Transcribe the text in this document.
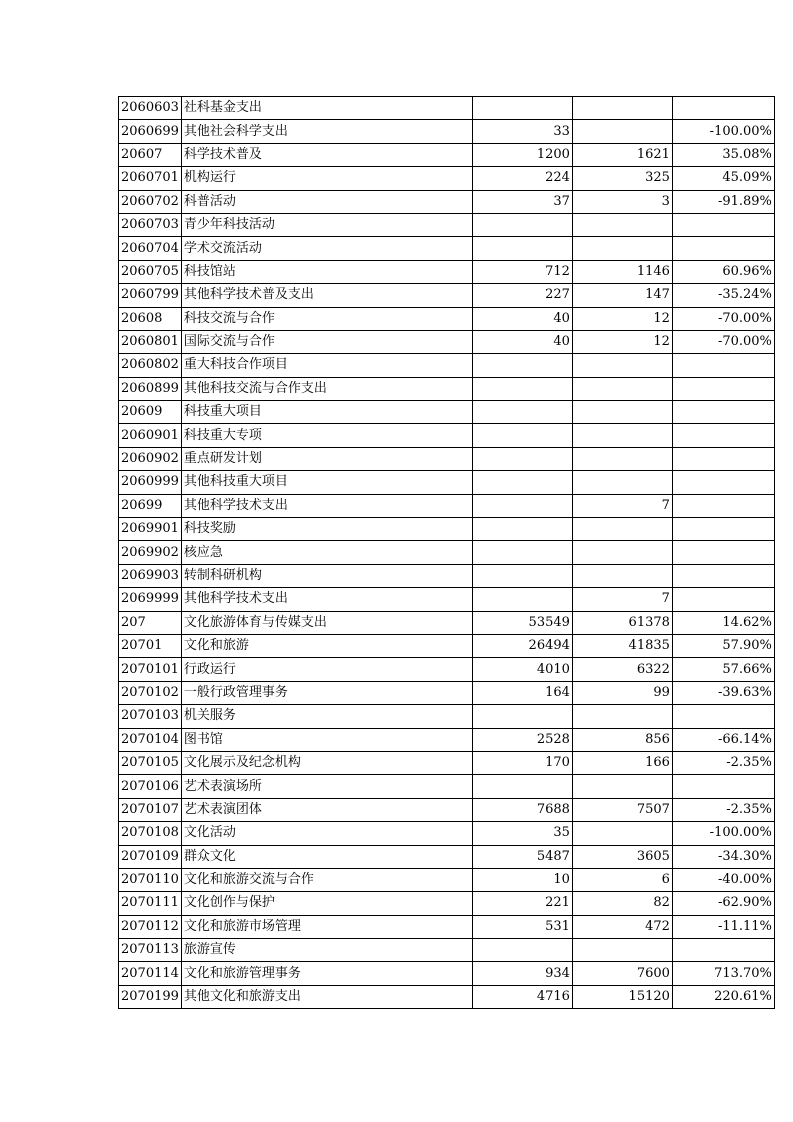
2060603	社科基金支出			
2060699	其他社会科学支出	33		-100.00%
20607	科学技术普及	1200	1621	35.08%
2060701	机构运行	224	325	45.09%
2060702	科普活动	37	3	-91.89%
2060703	青少年科技活动			
2060704	学术交流活动			
2060705	科技馆站	712	1146	60.96%
2060799	其他科学技术普及支出	227	147	-35.24%
20608	科技交流与合作	40	12	-70.00%
2060801	国际交流与合作	40	12	-70.00%
2060802	重大科技合作项目			
2060899	其他科技交流与合作支出			
20609	科技重大项目			
2060901	科技重大专项			
2060902	重点研发计划			
2060999	其他科技重大项目			
20699	其他科学技术支出		7	
2069901	科技奖励			
2069902	核应急			
2069903	转制科研机构			
2069999	其他科学技术支出		7	
207	文化旅游体育与传媒支出	53549	61378	14.62%
20701	文化和旅游	26494	41835	57.90%
2070101	行政运行	4010	6322	57.66%
2070102	一般行政管理事务	164	99	-39.63%
2070103	机关服务			
2070104	图书馆	2528	856	-66.14%
2070105	文化展示及纪念机构	170	166	-2.35%
2070106	艺术表演场所			
2070107	艺术表演团体	7688	7507	-2.35%
2070108	文化活动	35		-100.00%
2070109	群众文化	5487	3605	-34.30%
2070110	文化和旅游交流与合作	10	6	-40.00%
2070111	文化创作与保护	221	82	-62.90%
2070112	文化和旅游市场管理	531	472	-11.11%
2070113	旅游宣传			
2070114	文化和旅游管理事务	934	7600	713.70%
2070199	其他文化和旅游支出	4716	15120	220.61%
